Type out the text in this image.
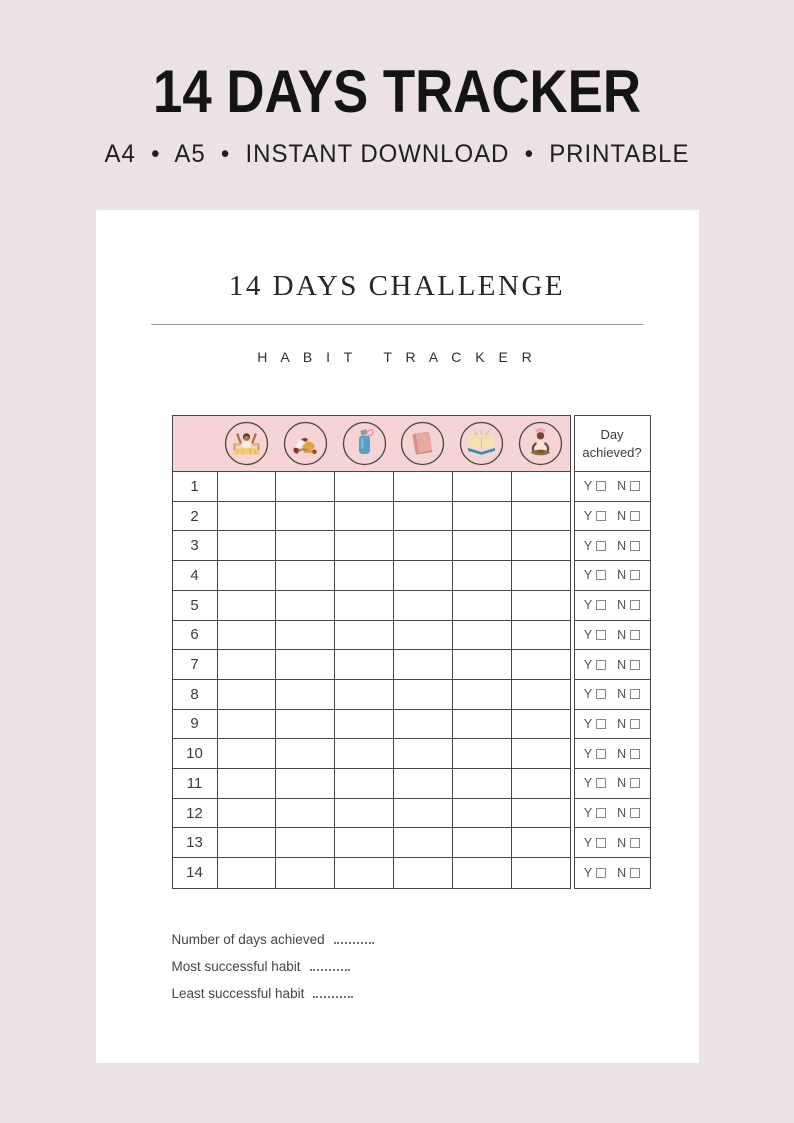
14 DAYS TRACKER
A4  •  A5  •  INSTANT DOWNLOAD  •  PRINTABLE
14 DAYS CHALLENGE
H A B I T   T R A C K E R
1
2
3
4
5
6
7
8
9
10
11
12
13
14
Day achieved?
Y N
Y N
Y N
Y N
Y N
Y N
Y N
Y N
Y N
Y N
Y N
Y N
Y N
Y N
Number of days achieved
Most successful habit
Least successful habit
